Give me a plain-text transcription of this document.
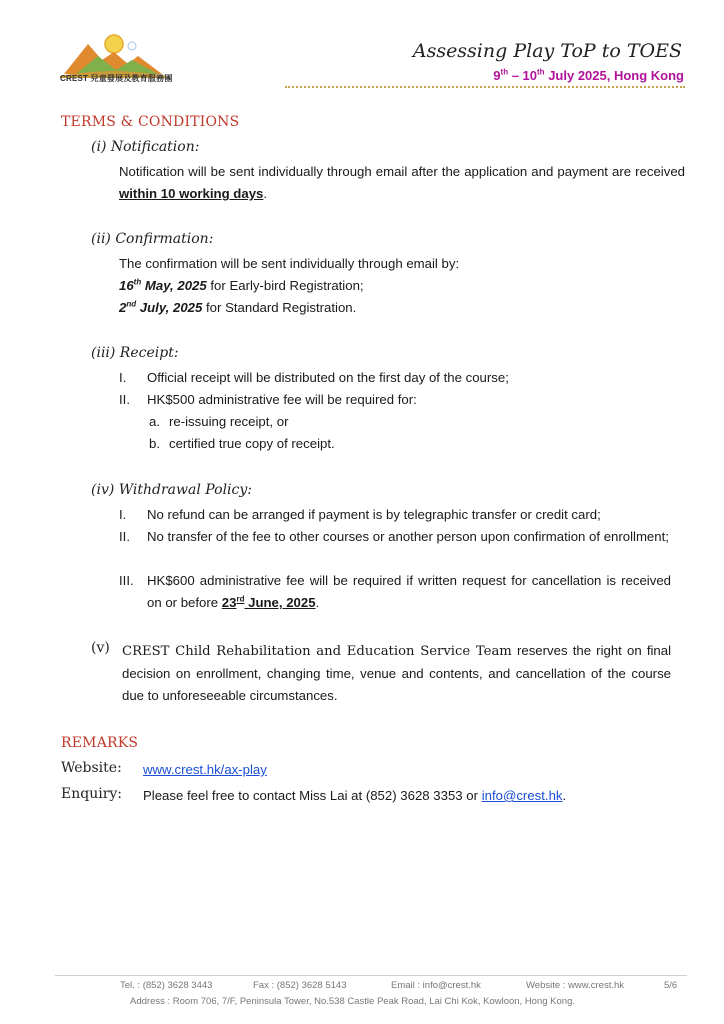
CREST 兒童發展及教育服務團
Assessing Play ToP to TOES
9th – 10th July 2025, Hong Kong
TERMS & CONDITIONS
(i) Notification:
Notification will be sent individually through email after the application and payment are received within 10 working days.
(ii) Confirmation:
The confirmation will be sent individually through email by:
16th May, 2025 for Early-bird Registration;
2nd July, 2025 for Standard Registration.
(iii) Receipt:
I. Official receipt will be distributed on the first day of the course;
II. HK$500 administrative fee will be required for:
a. re-issuing receipt, or
b. certified true copy of receipt.
(iv) Withdrawal Policy:
I. No refund can be arranged if payment is by telegraphic transfer or credit card;
II. No transfer of the fee to other courses or another person upon confirmation of enrollment;
III. HK$600 administrative fee will be required if written request for cancellation is received on or before 23rd June, 2025.
(v) CREST Child Rehabilitation and Education Service Team reserves the right on final decision on enrollment, changing time, venue and contents, and cancellation of the course due to unforeseeable circumstances.
REMARKS
Website: www.crest.hk/ax-play
Enquiry: Please feel free to contact Miss Lai at (852) 3628 3353 or info@crest.hk.
Tel. : (852) 3628 3443	Fax : (852) 3628 5143	Email : info@crest.hk	Website : www.crest.hk	5/6
Address : Room 706, 7/F, Peninsula Tower, No.538 Castle Peak Road, Lai Chi Kok, Kowloon, Hong Kong.
